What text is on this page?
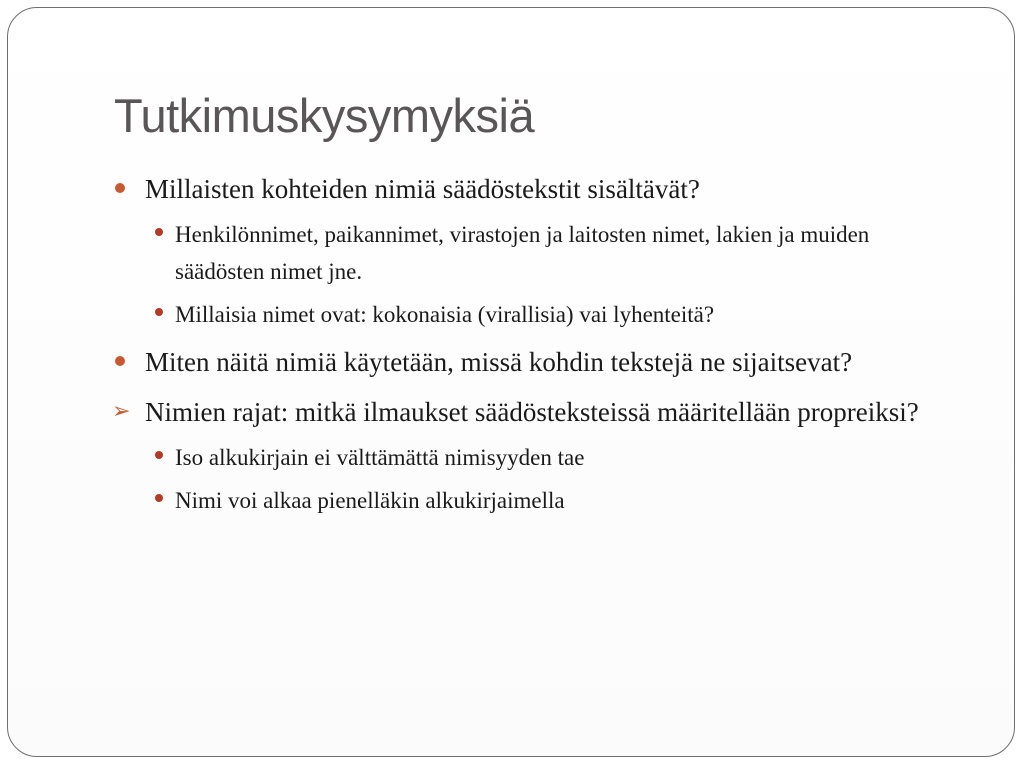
Tutkimuskysymyksiä
Millaisten kohteiden nimiä säädöstekstit sisältävät?
Henkilönnimet, paikannimet, virastojen ja laitosten nimet, lakien ja muiden säädösten nimet jne.
Millaisia nimet ovat: kokonaisia (virallisia) vai lyhenteitä?
Miten näitä nimiä käytetään, missä kohdin tekstejä ne sijaitsevat?
➢ Nimien rajat: mitkä ilmaukset säädösteksteissä määritellään propreiksi?
Iso alkukirjain ei välttämättä nimisyyden tae
Nimi voi alkaa pienelläkin alkukirjaimella
